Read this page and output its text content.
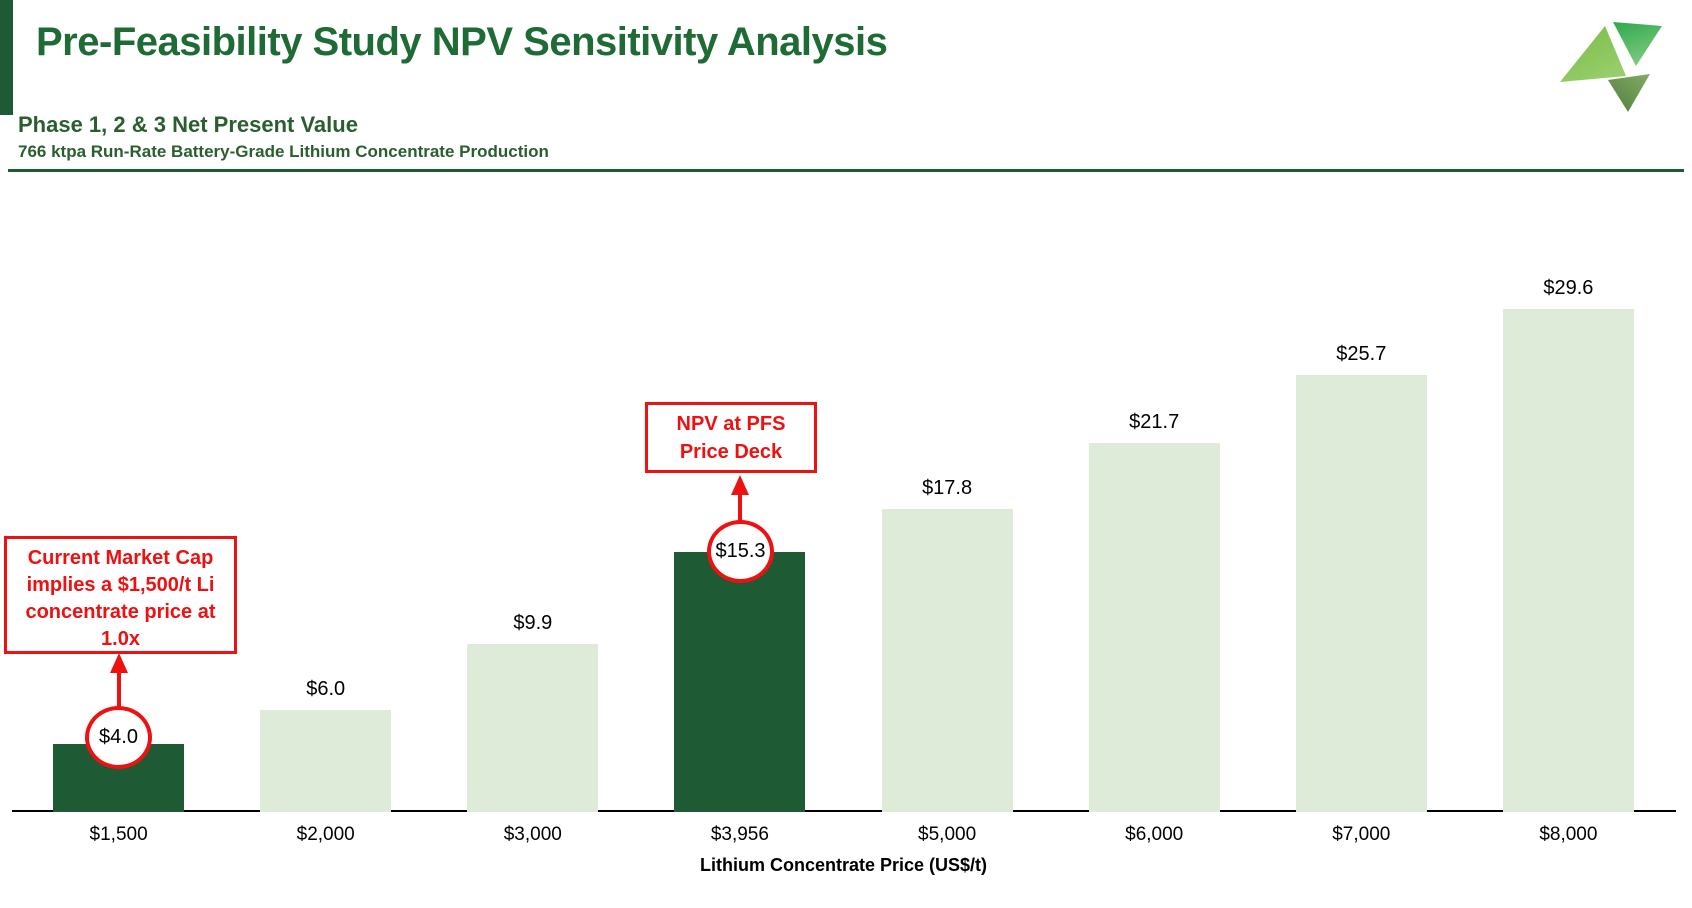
Pre-Feasibility Study NPV Sensitivity Analysis
Phase 1, 2 & 3 Net Present Value
766 ktpa Run-Rate Battery-Grade Lithium Concentrate Production
Lithium Concentrate Price (US$/t)
$1,500
$6.0
$2,000
$9.9
$3,000	$3,956
$17.8
$5,000
$21.7
$6,000
$25.7
$7,000
$29.6
$8,000
Current Market Cap implies a $1,500/t Li concentrate price at 1.0x
$4.0
NPV at PFS Price Deck
$15.3
